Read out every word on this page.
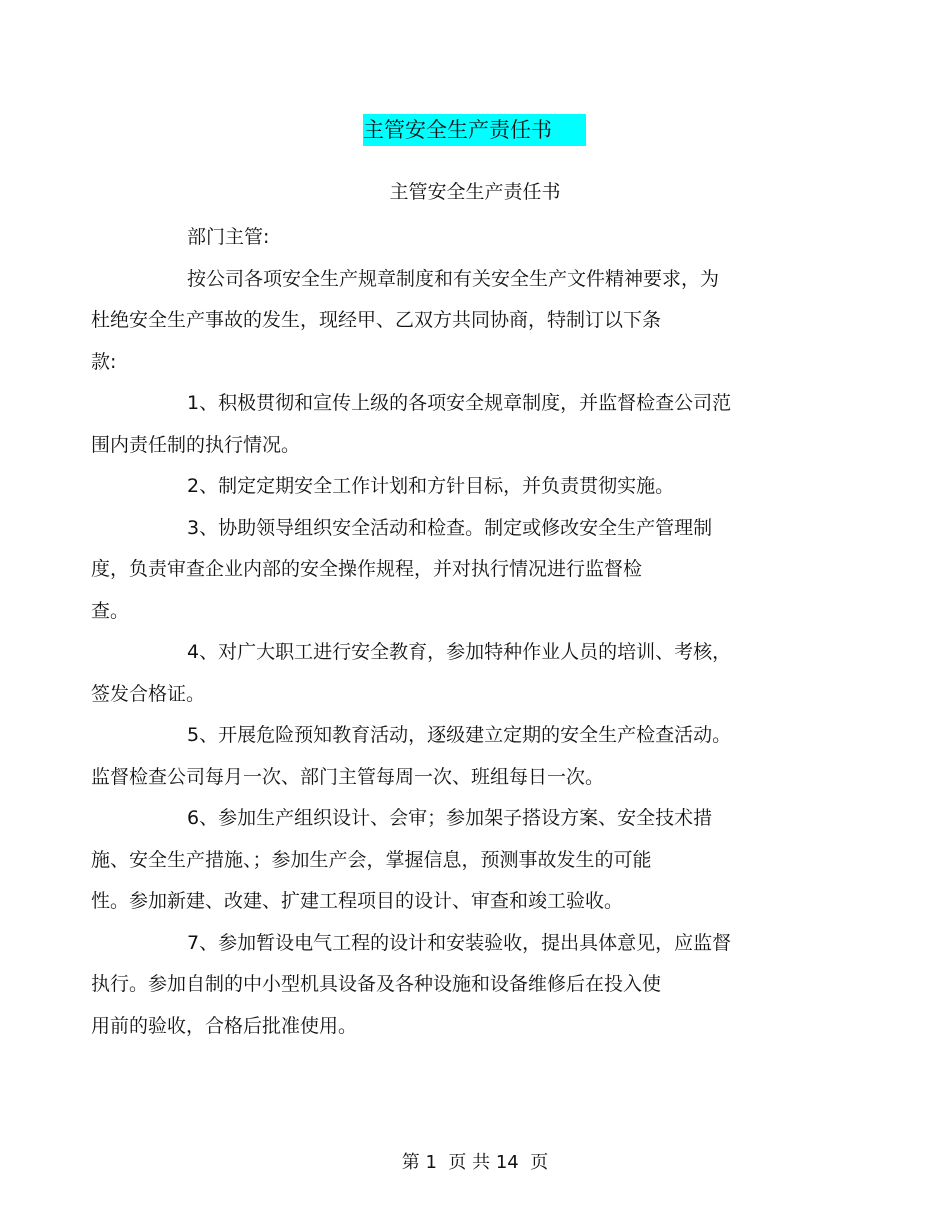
主管安全生产责任书
主管安全生产责任书

部门主管:

按公司各项安全生产规章制度和有关安全生产文件精神要求，为
杜绝安全生产事故的发生，现经甲、乙双方共同协商，特制订以下条
款:

1、积极贯彻和宣传上级的各项安全规章制度，并监督检查公司范
围内责任制的执行情况。

2、制定定期安全工作计划和方针目标，并负责贯彻实施。

3、协助领导组织安全活动和检查。制定或修改安全生产管理制
度，负责审查企业内部的安全操作规程，并对执行情况进行监督检
查。

4、对广大职工进行安全教育，参加特种作业人员的培训、考核，
签发合格证。

5、开展危险预知教育活动，逐级建立定期的安全生产检查活动。
监督检查公司每月一次、部门主管每周一次、班组每日一次。

6、参加生产组织设计、会审；参加架子搭设方案、安全技术措
施、安全生产措施、；参加生产会，掌握信息，预测事故发生的可能
性。参加新建、改建、扩建工程项目的设计、审查和竣工验收。

7、参加暂设电气工程的设计和安装验收，提出具体意见，应监督
执行。参加自制的中小型机具设备及各种设施和设备维修后在投入使
用前的验收，合格后批准使用。

第 1  页 共 14  页
